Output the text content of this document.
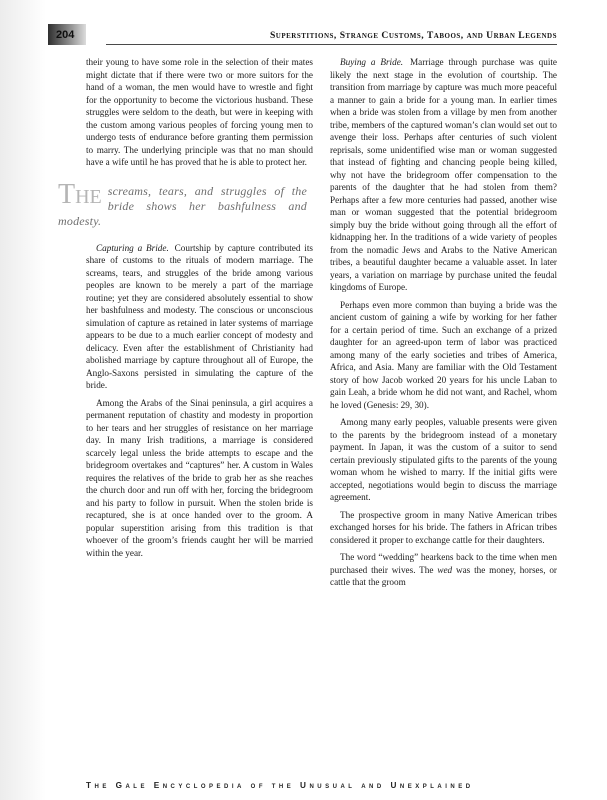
204	Superstitions, Strange Customs, Taboos, and Urban Legends

their young to have some role in the selection of their mates might dictate that if there were two or more suitors for the hand of a woman, the men would have to wrestle and fight for the opportunity to become the victorious husband. These struggles were seldom to the death, but were in keeping with the custom among various peoples of forcing young men to undergo tests of endurance before granting them permission to marry. The underlying principle was that no man should have a wife until he has proved that he is able to protect her.

The screams, tears, and struggles of the bride shows her bashfulness and modesty.

Capturing a Bride. Courtship by capture contributed its share of customs to the rituals of modern marriage. The screams, tears, and struggles of the bride among various peoples are known to be merely a part of the marriage routine; yet they are considered absolutely essential to show her bashfulness and modesty. The conscious or unconscious simulation of capture as retained in later systems of marriage appears to be due to a much earlier concept of modesty and delicacy. Even after the establishment of Christianity had abolished marriage by capture throughout all of Europe, the Anglo-Saxons persisted in simulating the capture of the bride.

Among the Arabs of the Sinai peninsula, a girl acquires a permanent reputation of chastity and modesty in proportion to her tears and her struggles of resistance on her marriage day. In many Irish traditions, a marriage is considered scarcely legal unless the bride attempts to escape and the bridegroom overtakes and “captures” her. A custom in Wales requires the relatives of the bride to grab her as she reaches the church door and run off with her, forcing the bridegroom and his party to follow in pursuit. When the stolen bride is recaptured, she is at once handed over to the groom. A popular superstition arising from this tradition is that whoever of the groom’s friends caught her will be married within the year.

Buying a Bride. Marriage through purchase was quite likely the next stage in the evolution of courtship. The transition from marriage by capture was much more peaceful a manner to gain a bride for a young man. In earlier times when a bride was stolen from a village by men from another tribe, members of the captured woman’s clan would set out to avenge their loss. Perhaps after centuries of such violent reprisals, some unidentified wise man or woman suggested that instead of fighting and chancing people being killed, why not have the bridegroom offer compensation to the parents of the daughter that he had stolen from them? Perhaps after a few more centuries had passed, another wise man or woman suggested that the potential bridegroom simply buy the bride without going through all the effort of kidnapping her. In the traditions of a wide variety of peoples from the nomadic Jews and Arabs to the Native American tribes, a beautiful daughter became a valuable asset. In later years, a variation on marriage by purchase united the feudal kingdoms of Europe.

Perhaps even more common than buying a bride was the ancient custom of gaining a wife by working for her father for a certain period of time. Such an exchange of a prized daughter for an agreed-upon term of labor was practiced among many of the early societies and tribes of America, Africa, and Asia. Many are familiar with the Old Testament story of how Jacob worked 20 years for his uncle Laban to gain Leah, a bride whom he did not want, and Rachel, whom he loved (Genesis: 29, 30).

Among many early peoples, valuable presents were given to the parents by the bridegroom instead of a monetary payment. In Japan, it was the custom of a suitor to send certain previously stipulated gifts to the parents of the young woman whom he wished to marry. If the initial gifts were accepted, negotiations would begin to discuss the marriage agreement.

The prospective groom in many Native American tribes exchanged horses for his bride. The fathers in African tribes considered it proper to exchange cattle for their daughters.

The word “wedding” hearkens back to the time when men purchased their wives. The wed was the money, horses, or cattle that the groom

The Gale Encyclopedia of the Unusual and Unexplained
